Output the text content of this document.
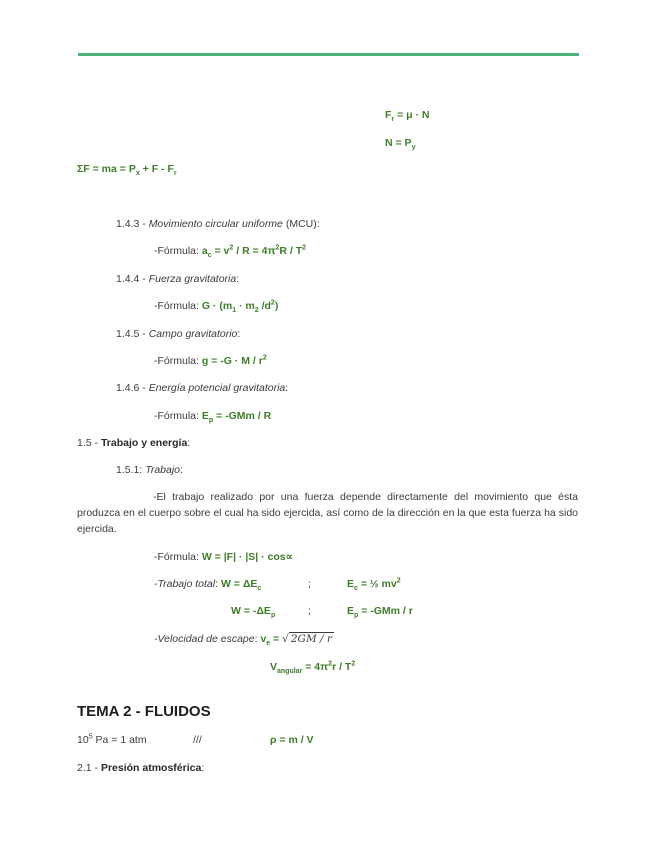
$F_r = \mu \cdot N$
$N = P_y$
ΣF = ma = $P_x + F - F_r$
1.4.3 - Movimiento circular uniforme (MCU):
-Fórmula: $a_c = v^2 / R = 4\pi^2R / T^2$
1.4.4 - Fuerza gravitatoria:
-Fórmula: $G \cdot (m_1 \cdot m_2$ $/d^2$)
1.4.5 - Campo gravitatorio:
-Fórmula: $g = -G \cdot M / r^2$
1.4.6 - Energía potencial gravitatoria:
-Fórmula: $E_p = -GMm / R$
1.5 - Trabajo y energía:
1.5.1: Trabajo:
-El trabajo realizado por una fuerza depende directamente del movimiento que ésta produzca en el cuerpo sobre el cual ha sido ejercida, así como de la dirección en la que esta fuerza ha sido ejercida.
-Fórmula: W = |F| · |S| · cos∝
-Trabajo total: $W = \Delta E_c$	;	$E_c$ = ½ $mv^2$
$W = -\Delta E_p$	;	$E_p = -GMm / r$
-Velocidad de escape: $v_e$ = √ 2GM / r
$V_{angular} = 4\pi^2r / T^2$
TEMA 2 - FLUIDOS
$10^5$ Pa = 1 atm	///	ρ = m / V
2.1 - Presión atmosférica:
